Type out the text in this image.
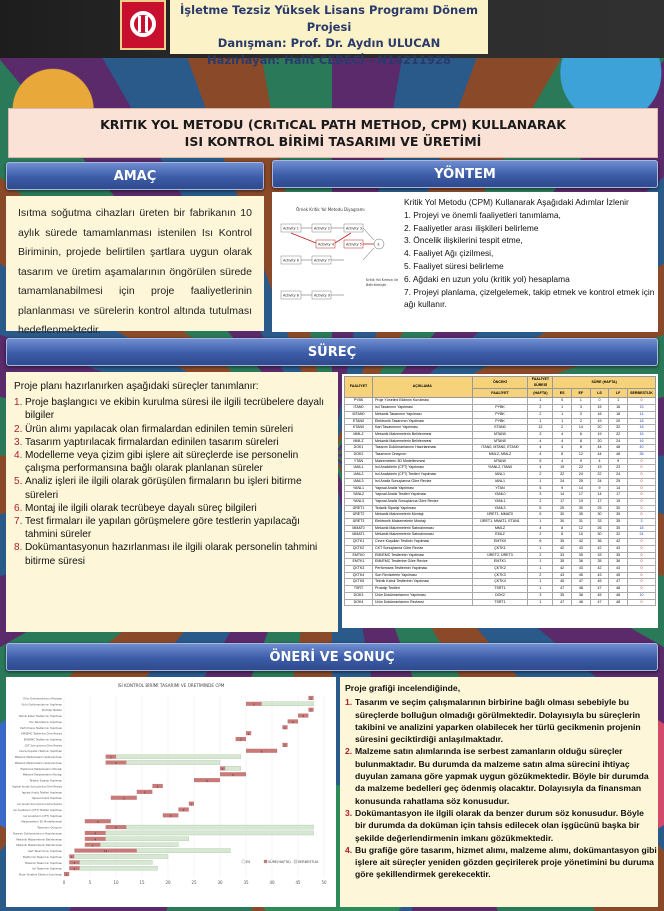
İşletme Tezsiz Yüksek Lisans Programı Dönem Projesi
Danışman: Prof. Dr. Aydın ULUCAN
Hazırlayan: Halit CEBECİ - N14211928
KRITIK YOL METODU (CRıTıCAL PATH METHOD, CPM) KULLANARAK
ISI KONTROL BİRİMİ TASARIMI VE ÜRETİMİ
AMAÇ
Isıtma soğutma cihazları üreten bir fabrikanın 10 aylık sürede tamamlanması istenilen Isı Kontrol Biriminin, projede belirtilen şartlara uygun olarak tasarım ve üretim aşamalarının öngörülen sürede tamamlanabilmesi için proje faaliyetlerinin planlanması ve sürelerin kontrol altında tutulması hedeflenmektedir.
YÖNTEM
Örnek Kritik Yol Metodu Diyagramı
Activity 1	Activity 2	Activity 3
Activity 4	Activity 5
Activity 6	Activity 7
Activity 8	Activity 9
E
Kritik Yol Kırmızı ile Belirtilmiştir
Kritik Yol Metodu (CPM) Kullanarak Aşağıdaki Adımlar İzlenir
1. Projeyi ve önemli faaliyetleri tanımlama,
2. Faaliyetler arası ilişkileri belirleme
3. Öncelik ilişkilerini tespit etme,
4. Faaliyet Ağı çizilmesi,
5. Faaliyet süresi belirleme
6. Ağdaki en uzun yolu (kritik yol) hesaplama
7. Projeyi planlama, çizelgelemek, takip etmek ve kontrol etmek için ağı kullanır.
SÜREÇ
Proje planı hazırlanırken aşağıdaki süreçler tanımlanır:
1. Proje başlangıcı ve ekibin kurulma süresi ile ilgili tecrübelere dayalı bilgiler
2. Ürün alımı yapılacak olan firmalardan edinilen temin süreleri
3. Tasarım yaptırılacak firmalardan edinilen tasarım süreleri
4. Modelleme veya çizim gibi işlere ait süreçlerde ise personelin çalışma performansına bağlı olarak planlanan süreler
5. Analiz işleri ile ilgili olarak görüşülen firmaların bu işleri bitirme süreleri
6. Montaj ile ilgili olarak tecrübeye dayalı süreç bilgileri
7. Test firmaları ile yapılan görüşmelere göre testlerin yapılacağı tahmini süreler
8. Dokümantasyonun hazırlanması ile ilgili olarak personelin tahmini bitirme süresi
FAALİYET	AÇIKLAMA	ÖNCEKİ	FAALİYET SÜRESİ	SÜRE (HAFTA)				
		FAALİYET	(HAFTA)	ES	EF	LS	LF	SERBESTLİK
PYBK	Proje Yönetimi Ekibinin Kurulması	-	1	0	1	0	1	0
ITAN0	Isıl Tasarımın Yapılması	PYBK	2	1	3	15	16	15
MTAN0	Mekanik Tasarımın Yapılması	PYBK	2	1	3	16	18	14
ETAN0	Elektronik Tasarımın Yapılması	PYBK	1	1	2	19	20	18
KTAN0	Kart Tasarımının Yapılması	ETAN0	12	2	14	20	32	18
MMLZ	Mekanik Malzemelerin Belirlenmesi	MTAN0	3	4	6	19	22	15
MMLZ	Mekanik Malzemelerin Belirlenmesi	MTAN0	4	4	8	20	24	16
DOK1	Tasarım Dokümanlarının Hazırlanması	ITAN0, MTAN0, ETAN0	4	4	8	44	48	40
DOK2	Tasarımın Onayının	MMLZ, MMLZ	4	8	12	44	48	36
YTAN	Malzemelerin 3D Modellenmesi	MTAN0	5	4	9	4	9	0
IANL1	Isıl Analizlerin (CFT) Yapılması	YIANL2, ITAN0	4	19	22	19	23	0
IANL2	Isıl Analizlerin (CFT) Testleri Yapılması	IANL1	2	22	24	22	24	0
IANL3	Isıl Analiz Sonuçlarına Göre Revize	IANL1	1	24	25	24	25	0
YANL1	Yapısal Analiz Yapılması	YTAN	5	9	14	9	14	0
YANL2	Yapısal Analiz Testleri Yapılması	YANL0	3	14	17	14	17	0
YANL3	Yapısal Analiz Sonuçlarına Göre Revize	YANL1	2	17	19	17	19	0
ÜRET1	Tedarik Siparişi Yapılması	YANL3	5	25	30	25	30	0
ÜRET2	Mekanik Malzemelerin Montajı	ÜRET1, MMAT0	5	30	35	30	35	0
ÜRET3	Elektronik Malzemelerin Montajı	ÜRET1, MMAT1, ETAN1	1	30	31	33	35	3
MMAT0	Mekanik Malzemelerin Satınalınması	MMLZ	4	8	12	26	30	18
MMAT1	Mekanik Malzemelerin Satınalınması	EMLZ	2	8	10	30	32	24
ÇKTK1	Cevre Koşulları Testinin Yapılması	EMTK0	6	35	42	36	42	0
ÇKTK2	CKT Sonuçlarına Göre Revize	ÇKTK1	1	42	43	42	43	0
EMTK0	EMI/EMC Testlerinin Yapılması	ÜRET2, ÜRET3	2	33	35	33	35	0
EMTK1	EMI/EMC Testlerine Göre Revize	EMTK1	1	35	36	35	36	0
ÇKTK3	Performans Testlerinin Yapılması	ÇKTK2	1	42	43	42	43	0
ÇKTK4	Son Revizelerin Yapılması	ÇKTK3	2	43	45	43	45	0
ÇKTK5	Teknik Kabul Testlerinin Yapılması	ÇKTK4	1	45	47	45	47	0
TSRT	Prototip Testleri	TSRT1	1	47	48	47	48	0
DOK3	Ürün Dokümanlarının Yapılması	DOK2	3	35	38	45	48	10
DOK4	Ürün Dokümanlarının Revizesi	TSRT1	1	47	48	47	48	0
ÖNERİ VE SONUÇ
ISI KONTROL BİRİMİ TASARIMI VE ÜRETİMİNDE CPM
0	5	10	15	20	25	30	35	40	45	50
Ürün Dokümanlarının Revizesi	1
Ürün Dokümanlarının Yapılması	3
Prototip Testleri	1
Teknik Kabul Testlerinin Yapılması	2
Son Revizelerin Yapılması	2
Performans Testlerinin Yapılması	1
EMI/EMC Testlerine Göre Revize	1
EMI/EMC Testlerinin Yapılması	2
CKT Sonuçlarına Göre Revize	1
Cevre Koşulları Testinin Yapılması	6
Mekanik Malzemelerin Satınalınması	2
Mekanik Malzemelerin Satınalınması	4
Elektronik Malzemelerin Montajı	1
Mekanik Malzemelerin Montajı	5
Tedarik Siparişi Yapılması	5
Yapısal Analiz Sonuçlarına Göre Revize	2
Yapısal Analiz Testleri Yapılması	3
Yapısal Analiz Yapılması	5
Isıl Analiz Sonuçlarına Göre Revize	1
Isıl Analizlerin (CFT) Testleri Yapılması	2
Isıl Analizlerin (CFT) Yapılması	3
Malzemelerin 3D Modellenmesi	5
Tasarımın Onayının	4
Tasarım Dokümanlarının Hazırlanması	4
Mekanik Malzemelerin Belirlenmesi	4
Mekanik Malzemelerin Belirlenmesi	3
Kart Tasarımının Yapılması	12
Elektronik Tasarımın Yapılması	1
Mekanik Tasarımın Yapılması	2
Isıl Tasarımın Yapılması	2
Proje Yönetimi Ekibinin Kurulması 1
ES	SÜRE(HAFTA) SERBESTLİK
Proje grafiği incelendiğinde,
1. Tasarım ve seçim çalışmalarının birbirine bağlı olması sebebiyle bu süreçlerde bolluğun olmadığı görülmektedir. Dolayısıyla bu süreçlerin takibini ve analizini yaparken olabilecek her türlü gecikmenin projenin süresini geciktirdiği anlaşılmaktadır.
2. Malzeme satın alımlarında ise serbest zamanların olduğu süreçler bulunmaktadır. Bu durumda da malzeme satın alma sürecini ihtiyaç duyulan zamana göre yapmak uygun gözükmektedir. Böyle bir durumda da malzeme bedelleri geç ödenmiş olacaktır. Dolayısıyla da finansman konusunda rahatlama söz konusudur.
3. Dokümantasyon ile ilgili olarak da benzer durum söz konusudur. Böyle bir durumda da doküman için tahsis edilecek olan işgücünü başka bir şekilde değerlendirmenin imkanı gözükmektedir.
4. Bu grafiğe göre tasarım, hizmet alımı, malzeme alımı, dokümantasyon gibi işlere ait süreçler yeniden gözden geçirilerek proje yönetimini bu duruma göre şekillendirmek gerekecektir.
